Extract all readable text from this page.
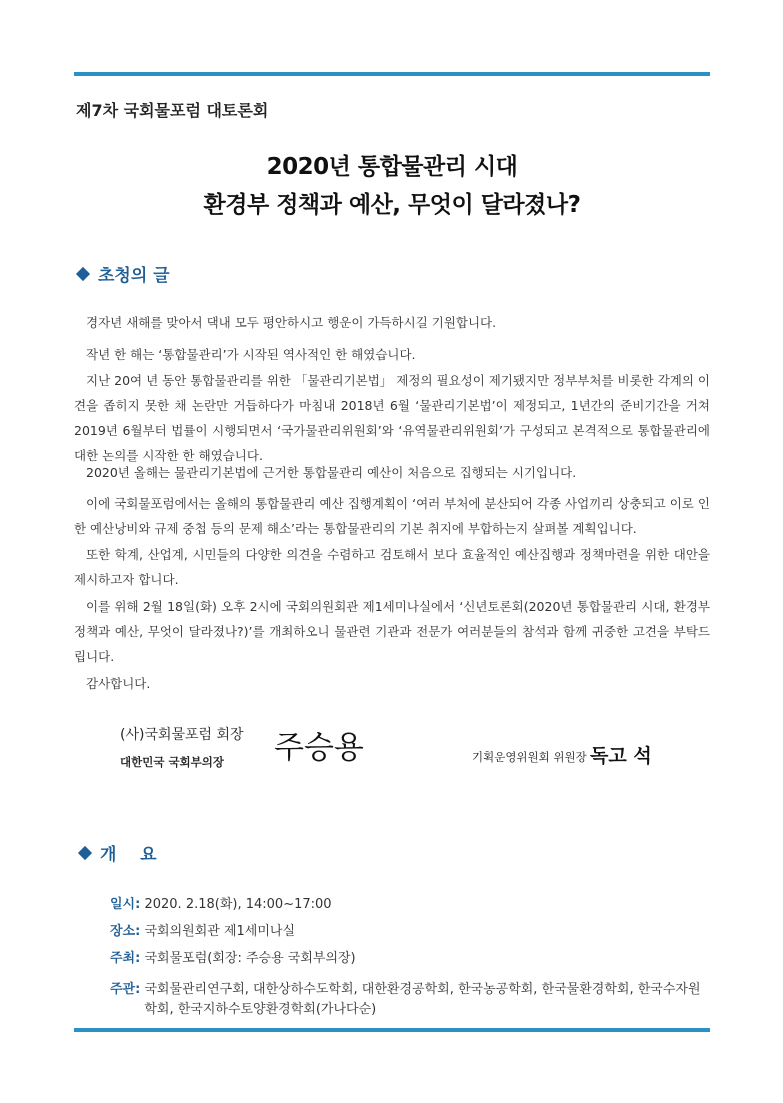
제7차 국회물포럼 대토론회
2020년 통합물관리 시대
환경부 정책과 예산, 무엇이 달라졌나?
초청의 글

경자년 새해를 맞아서 댁내 모두 평안하시고 행운이 가득하시길 기원합니다.

작년 한 해는 ‘통합물관리’가 시작된 역사적인 한 해였습니다.

지난 20여 년 동안 통합물관리를 위한 「물관리기본법」 제정의 필요성이 제기됐지만 정부부처를 비롯한 각계의 이견을 좁히지 못한 채 논란만 거듭하다가 마침내 2018년 6월 ‘물관리기본법’이 제정되고, 1년간의 준비기간을 거쳐 2019년 6월부터 법률이 시행되면서 ‘국가물관리위원회’와 ‘유역물관리위원회’가 구성되고 본격적으로 통합물관리에 대한 논의를 시작한 한 해였습니다.

2020년 올해는 물관리기본법에 근거한 통합물관리 예산이 처음으로 집행되는 시기입니다.

이에 국회물포럼에서는 올해의 통합물관리 예산 집행계획이 ‘여러 부처에 분산되어 각종 사업끼리 상충되고 이로 인한 예산낭비와 규제 중첩 등의 문제 해소’라는 통합물관리의 기본 취지에 부합하는지 살펴볼 계획입니다.

또한 학계, 산업계, 시민들의 다양한 의견을 수렴하고 검토해서 보다 효율적인 예산집행과 정책마련을 위한 대안을 제시하고자 합니다.

이를 위해 2월 18일(화) 오후 2시에 국회의원회관 제1세미나실에서 ‘신년토론회(2020년 통합물관리 시대, 환경부 정책과 예산, 무엇이 달라졌나?)’를 개최하오니 물관련 기관과 전문가 여러분들의 참석과 함께 귀중한 고견을 부탁드립니다.

감사합니다.

(사)국회물포럼 회장
대한민국 국회부의장	주승용	기획운영위원회 위원장 독고 석
개    요
일시: 2020. 2.18(화), 14:00~17:00
장소: 국회의원회관 제1세미나실
주최: 국회물포럼(회장: 주승용 국회부의장)
주관: 국회물관리연구회, 대한상하수도학회, 대한환경공학회, 한국농공학회, 한국물환경학회, 한국수자원학회, 한국지하수토양환경학회(가나다순)
